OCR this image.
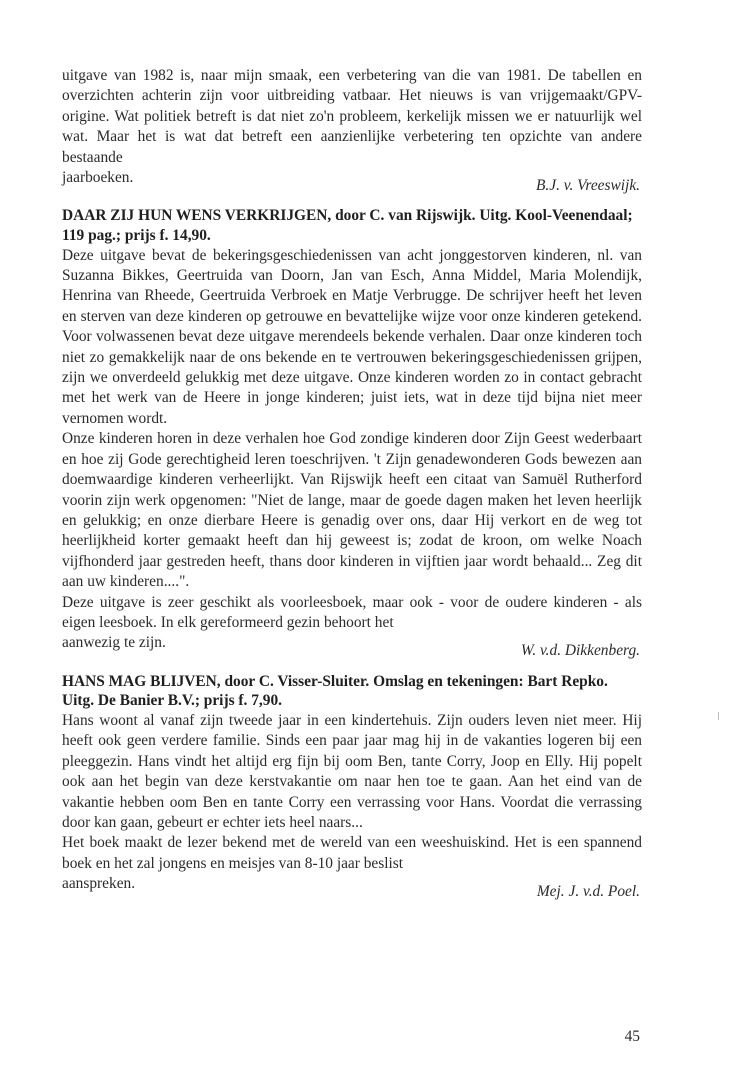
uitgave van 1982 is, naar mijn smaak, een verbetering van die van 1981. De tabellen en overzichten achterin zijn voor uitbreiding vatbaar. Het nieuws is van vrijgemaakt/GPV-origine. Wat politiek betreft is dat niet zo'n probleem, kerkelijk missen we er natuurlijk wel wat. Maar het is wat dat betreft een aanzienlijke verbetering ten opzichte van andere bestaande

jaarboeken.	B.J. v. Vreeswijk.

DAAR ZIJ HUN WENS VERKRIJGEN, door C. van Rijswijk. Uitg. Kool-Veenendaal; 119 pag.; prijs f. 14,90.

Deze uitgave bevat de bekeringsgeschiedenissen van acht jonggestorven kinderen, nl. van Suzanna Bikkes, Geertruida van Doorn, Jan van Esch, Anna Middel, Maria Molendijk, Henrina van Rheede, Geertruida Verbroek en Matje Verbrugge. De schrijver heeft het leven en sterven van deze kinderen op getrouwe en bevattelijke wijze voor onze kinderen getekend. Voor volwassenen bevat deze uitgave merendeels bekende verhalen. Daar onze kinderen toch niet zo gemakkelijk naar de ons bekende en te vertrouwen bekeringsgeschiedenissen grijpen, zijn we onverdeeld gelukkig met deze uitgave. Onze kinderen worden zo in contact gebracht met het werk van de Heere in jonge kinderen; juist iets, wat in deze tijd bijna niet meer vernomen wordt.

Onze kinderen horen in deze verhalen hoe God zondige kinderen door Zijn Geest wederbaart en hoe zij Gode gerechtigheid leren toeschrijven. 't Zijn genadewonderen Gods bewezen aan doemwaardige kinderen verheerlijkt. Van Rijswijk heeft een citaat van Samuël Rutherford voorin zijn werk opgenomen: "Niet de lange, maar de goede dagen maken het leven heerlijk en gelukkig; en onze dierbare Heere is genadig over ons, daar Hij verkort en de weg tot heerlijkheid korter gemaakt heeft dan hij geweest is; zodat de kroon, om welke Noach vijfhonderd jaar gestreden heeft, thans door kinderen in vijftien jaar wordt behaald... Zeg dit aan uw kinderen....".

Deze uitgave is zeer geschikt als voorleesboek, maar ook - voor de oudere kinderen - als eigen leesboek. In elk gereformeerd gezin behoort het

aanwezig te zijn.	W. v.d. Dikkenberg.

HANS MAG BLIJVEN, door C. Visser-Sluiter. Omslag en tekeningen: Bart Repko. Uitg. De Banier B.V.; prijs f. 7,90.

Hans woont al vanaf zijn tweede jaar in een kindertehuis. Zijn ouders leven niet meer. Hij heeft ook geen verdere familie. Sinds een paar jaar mag hij in de vakanties logeren bij een pleeggezin. Hans vindt het altijd erg fijn bij oom Ben, tante Corry, Joop en Elly. Hij popelt ook aan het begin van deze kerstvakantie om naar hen toe te gaan. Aan het eind van de vakantie hebben oom Ben en tante Corry een verrassing voor Hans. Voordat die verrassing door kan gaan, gebeurt er echter iets heel naars...

Het boek maakt de lezer bekend met de wereld van een weeshuiskind. Het is een spannend boek en het zal jongens en meisjes van 8-10 jaar beslist

aanspreken.	Mej. J. v.d. Poel.
45
